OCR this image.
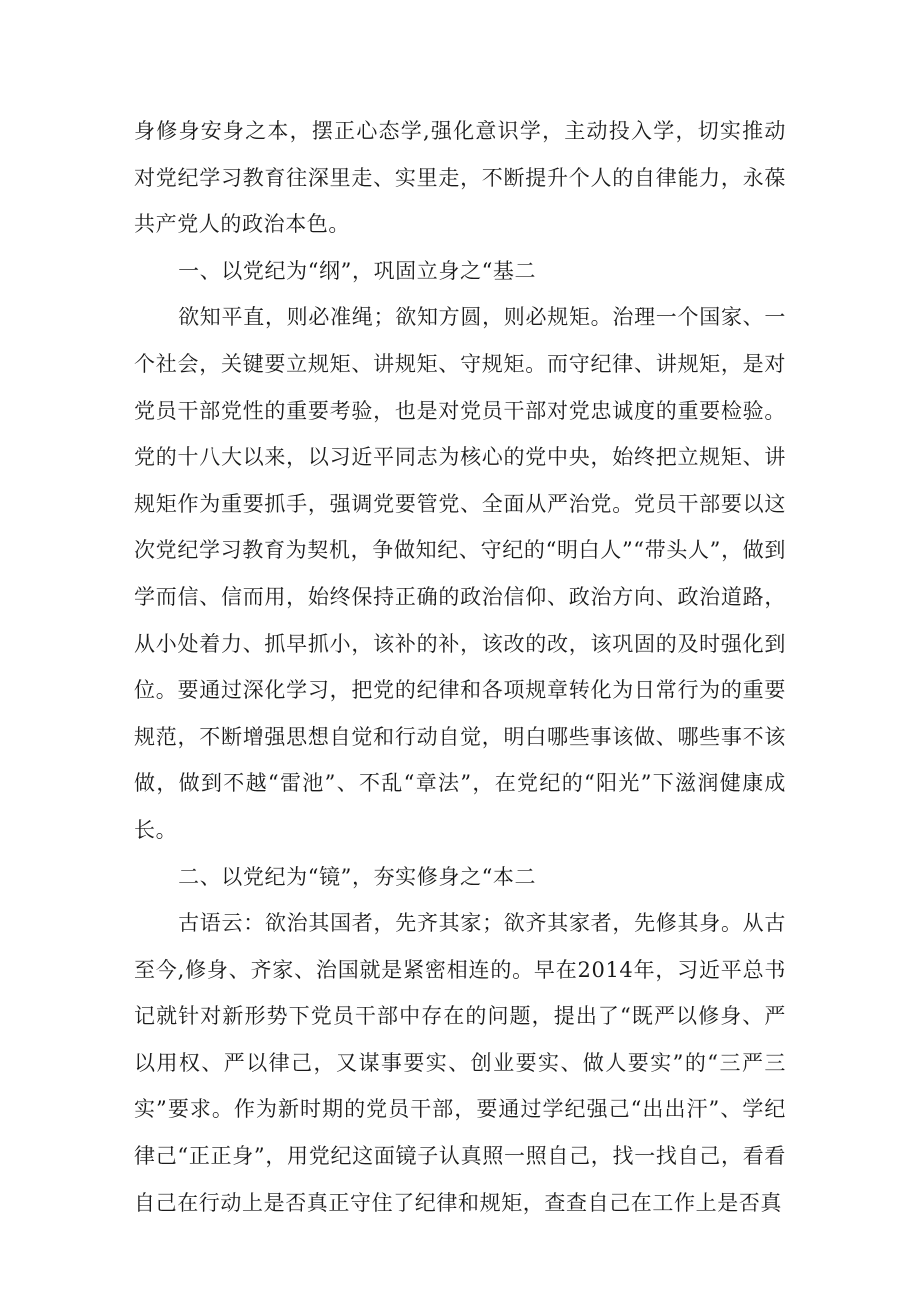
身修身安身之本，摆正心态学,强化意识学，主动投入学，切实推动对党纪学习教育往深里走、实里走，不断提升个人的自律能力，永葆共产党人的政治本色。

一、以党纪为“纲”，巩固立身之“基二

欲知平直，则必准绳；欲知方圆，则必规矩。治理一个国家、一个社会，关键要立规矩、讲规矩、守规矩。而守纪律、讲规矩，是对党员干部党性的重要考验，也是对党员干部对党忠诚度的重要检验。党的十八大以来，以习近平同志为核心的党中央，始终把立规矩、讲规矩作为重要抓手，强调党要管党、全面从严治党。党员干部要以这次党纪学习教育为契机，争做知纪、守纪的“明白人”“带头人”，做到学而信、信而用，始终保持正确的政治信仰、政治方向、政治道路，从小处着力、抓早抓小，该补的补，该改的改，该巩固的及时强化到位。要通过深化学习，把党的纪律和各项规章转化为日常行为的重要规范，不断增强思想自觉和行动自觉，明白哪些事该做、哪些事不该做，做到不越“雷池”、不乱“章法”，在党纪的“阳光”下滋润健康成长。

二、以党纪为“镜”，夯实修身之“本二

古语云：欲治其国者，先齐其家；欲齐其家者，先修其身。从古至今,修身、齐家、治国就是紧密相连的。早在2014年，习近平总书记就针对新形势下党员干部中存在的问题，提出了“既严以修身、严以用权、严以律己，又谋事要实、创业要实、做人要实”的“三严三实”要求。作为新时期的党员干部，要通过学纪强己“出出汗”、学纪律己“正正身”，用党纪这面镜子认真照一照自己，找一找自己，看看自己在行动上是否真正守住了纪律和规矩，查查自己在工作上是否真
